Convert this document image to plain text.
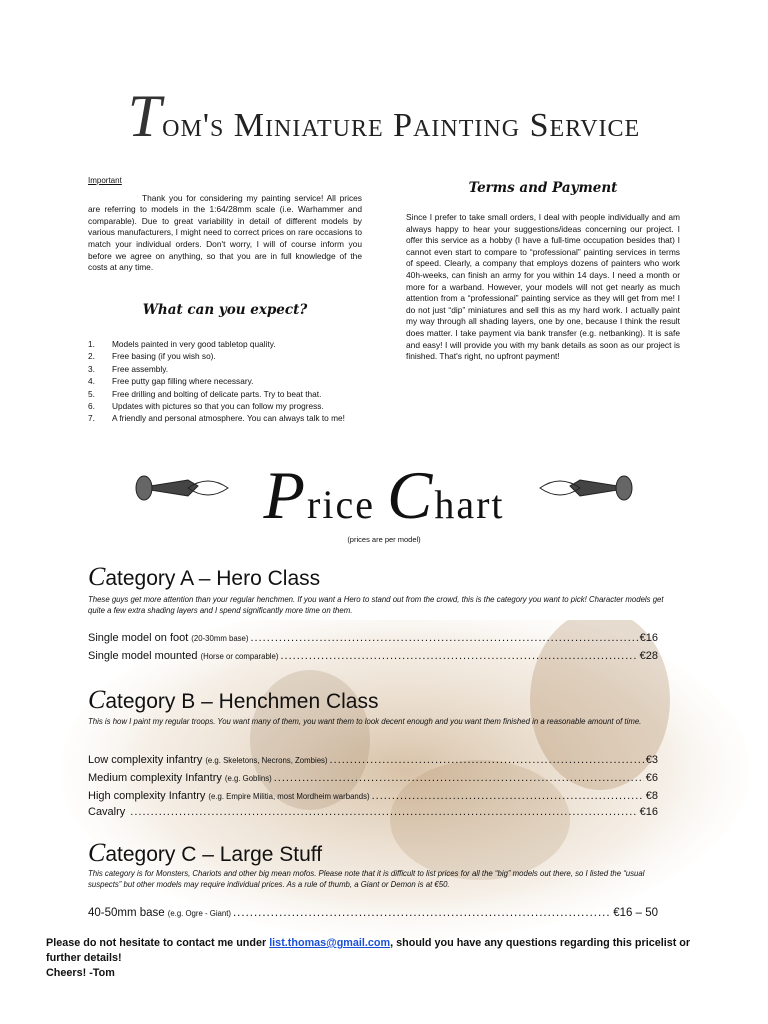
Tom's Miniature Painting Service
Important

Thank you for considering my painting service! All prices are referring to models in the 1:64/28mm scale (i.e. Warhammer and comparable). Due to great variability in detail of different models by various manufacturers, I might need to correct prices on rare occasions to match your individual orders. Don't worry, I will of course inform you before we agree on anything, so that you are in full knowledge of the costs at any time.

What can you expect?
1.	Models painted in very good tabletop quality.
2.	Free basing (if you wish so).
3.	Free assembly.
4.	Free putty gap filling where necessary.
5.	Free drilling and bolting of delicate parts. Try to beat that.
6.	Updates with pictures so that you can follow my progress.
7.	A friendly and personal atmosphere. You can always talk to me!
Terms and Payment
Since I prefer to take small orders, I deal with people individually and am always happy to hear your suggestions/ideas concerning our project. I offer this service as a hobby (I have a full-time occupation besides that) I cannot even start to compare to “professional” painting services in terms of speed. Clearly, a company that employs dozens of painters who work 40h-weeks, can finish an army for you within 14 days. I need a month or more for a warband. However, your models will not get nearly as much attention from a “professional” painting service as they will get from me! I do not just “dip” miniatures and sell this as my hard work. I actually paint my way through all shading layers, one by one, because I think the result does matter. I take payment via bank transfer (e.g. netbanking). It is safe and easy! I will provide you with my bank details as soon as our project is finished. That's right, no upfront payment!
Price Chart
(prices are per model)
Category A – Hero Class
These guys get more attention than your regular henchmen. If you want a Hero to stand out from the crowd, this is the category you want to pick! Character models get quite a few extra shading layers and I spend significantly more time on them.
Single model on foot (20-30mm base) .....	€16
Single model mounted (Horse or comparable) .....	€28
Category B – Henchmen Class
This is how I paint my regular troops. You want many of them, you want them to look decent enough and you want them finished in a reasonable amount of time.
Low complexity infantry (e.g. Skeletons, Necrons, Zombies) .....	€3
Medium complexity Infantry (e.g. Goblins) .....	€6
High complexity Infantry (e.g. Empire Militia, most Mordheim warbands) .....	€8
Cavalry .....	€16
Category C – Large Stuff
This category is for Monsters, Chariots and other big mean mofos. Please note that it is difficult to list prices for all the “big” models out there, so I listed the “usual suspects” but other models may require individual prices. As a rule of thumb, a Giant or Demon is at €50.
40-50mm base (e.g. Ogre - Giant) .....	€16 – 50
Please do not hesitate to contact me under list.thomas@gmail.com, should you have any questions regarding this pricelist or further details!
Cheers! -Tom
